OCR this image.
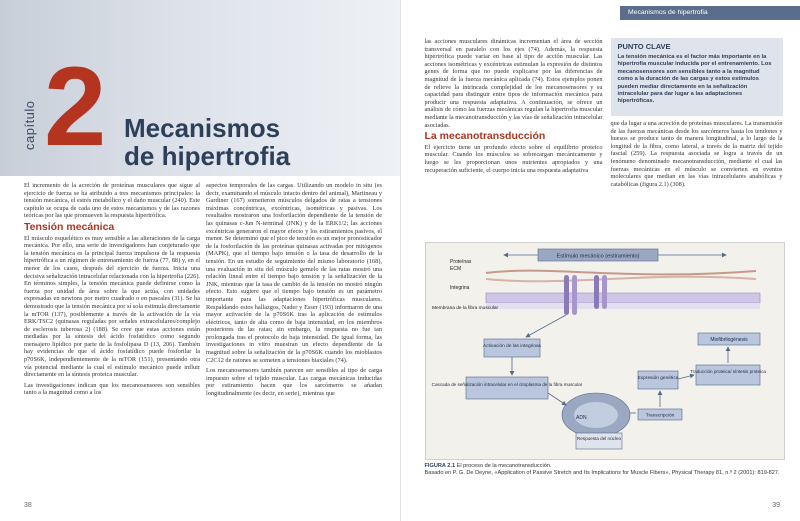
capítulo 2 Mecanismos
de hipertrofia

El incremento de la acreción de proteínas musculares que sigue al ejercicio de fuerza se ha atribuido a tres mecanismos principales: la tensión mecánica, el estrés metabólico y el daño muscular (240). Este capítulo se ocupa de cada uno de estos mecanismos y de las razones teóricas por las que promueven la respuesta hipertrófica.

Tensión mecánica

El músculo esquelético es muy sensible a las alteraciones de la carga mecánica. Por ello, una serie de investigadores han conjeturado que la tensión mecánica es la principal fuerza impulsora de la respuesta hipertrófica a un régimen de entrenamiento de fuerza (77, 88) y, en el menor de los casos, después del ejercicio de fuerza. Inicia una decisiva señalización intracelular relacionada con la hipertrofia (226). En términos simples, la tensión mecánica puede definirse como la fuerza por unidad de área sobre la que actúa, con unidades expresadas en newtons por metro cuadrado o en pascales (31). Se ha demostrado que la tensión mecánica por sí sola estimula directamente la mTOR (137), posiblemente a través de la activación de la vía ERK/TSC2 (quinasas reguladas por señales extracelulares/complejo de esclerosis tuberosa 2) (188). Se cree que estas acciones están mediadas por la síntesis del ácido fosfatídico como segundo mensajero lipídico por parte de la fosfolipasa D (13, 206). También hay evidencias de que el ácido fosfatídico puede fosforilar la p70S6K, independientemente de la mTOR (151), presentando otra vía potencial mediante la cual el estímulo mecánico puede influir directamente en la síntesis proteica muscular.

Las investigaciones indican que los mecanosensores son sensibles tanto a la magnitud como a los

aspectos temporales de las cargas. Utilizando un modelo in situ (es decir, examinando el músculo intacto dentro del animal), Martineau y Gardiner (167) sometieron músculos delgados de ratas a tensiones máximas concéntricas, excéntricas, isométricas y pasivas. Los resultados mostraron una fosforilación dependiente de la tensión de las quinasas c-Jun N-terminal (JNK) y de la ERK1/2; las acciones excéntricas generaron el mayor efecto y los estiramientos pasivos, el menor. Se determinó que el pico de tensión es un mejor pronosticador de la fosforilación de las proteínas quinasas activadas por mitógenos (MAPK), que el tiempo bajo tensión o la tasa de desarrollo de la tensión. En un estudio de seguimiento del mismo laboratorio (168), una evaluación in situ del músculo gemelo de las ratas mostró una relación lineal entre el tiempo bajo tensión y la señalización de la JNK, mientras que la tasa de cambio de la tensión no mostró ningún efecto. Esto sugiere que el tiempo bajo tensión es un parámetro importante para las adaptaciones hipertróficas musculares. Respaldando estos hallazgos, Nader y Esser (193) informaron de una mayor activación de la p70S6K tras la aplicación de estímulos eléctricos, tanto de alta como de baja intensidad, en los miembros posteriores de las ratas; sin embargo, la respuesta no fue tan prolongada tras el protocolo de baja intensidad. De igual forma, las investigaciones in vitro muestran un efecto dependiente de la magnitud sobre la señalización de la p70S6K cuando los mioblastos C2C12 de ratones se someten a tensiones biaxiales (74).

Los mecanosensores también parecen ser sensibles al tipo de carga impuesto sobre el tejido muscular. Las cargas mecánicas inducidas por estiramiento hacen que los sarcómeros se añadan longitudinalmente (es decir, en serie), mientras que

38
Mecanismos de hipertrofia

las acciones musculares dinámicas incrementan el área de sección transversal en paralelo con los ejes (74). Además, la respuesta hipertrófica puede variar en base al tipo de acción muscular. Las acciones isométricas y excéntricas estimulan la expresión de distintos genes de forma que no puede explicarse por las diferencias de magnitud de la fuerza mecánica aplicada (74). Estos ejemplos ponen de relieve la intrincada complejidad de los mecanosensores y su capacidad para distinguir entre tipos de información mecánica para producir una respuesta adaptativa. A continuación, se ofrece un análisis de cómo las fuerzas mecánicas regulan la hipertrofia muscular mediante la mecanotransducción y las vías de señalización intracelular asociadas.

La mecanotransducción

El ejercicio tiene un profundo efecto sobre el equilibrio proteico muscular. Cuando los músculos se sobrecargan mecánicamente y luego se les proporcionan unos nutrientes apropiados y una recuperación suficiente, el cuerpo inicia una respuesta adaptativa

PUNTO CLAVE
La tensión mecánica es el factor más importante en la hipertrofia muscular inducida por el entrenamiento. Los mecanosensores son sensibles tanto a la magnitud como a la duración de las cargas y estos estímulos pueden mediar directamente en la señalización intracelular para dar lugar a las adaptaciones hipertróficas.

que da lugar a una acreción de proteínas musculares. La transmisión de las fuerzas mecánicas desde los sarcómeros hasta los tendones y huesos se produce tanto de manera longitudinal, a lo largo de la longitud de la fibra, como lateral, a través de la matriz del tejido fascial (259). La respuesta asociada se logra a través de un fenómeno denominado mecanotransducción, mediante el cual las fuerzas mecánicas en el músculo se convierten en eventos moleculares que median en las vías intracelulares anabólicas y catabólicas (figura 2.1) (308).

Estímulo mecánico (estiramiento)
Proteínas
ECM
Integrina
Membrana de la fibra muscular
Activación de las integrinas
Cascada de señalización intracelular en el citoplasma de la fibra muscular
ADN
Respuesta del núcleo
Transcripción
Expresión genética
Traducción proteica/ síntesis proteica
Miofibrilogénesis
FIGURA 2.1 El proceso de la mecanotransducción.
Basado en P. G. De Deyne, «Application of Passive Stretch and Its Implications for Muscle Fibers», Physical Therapy 81, n.º 2 (2001): 819-827.
39
